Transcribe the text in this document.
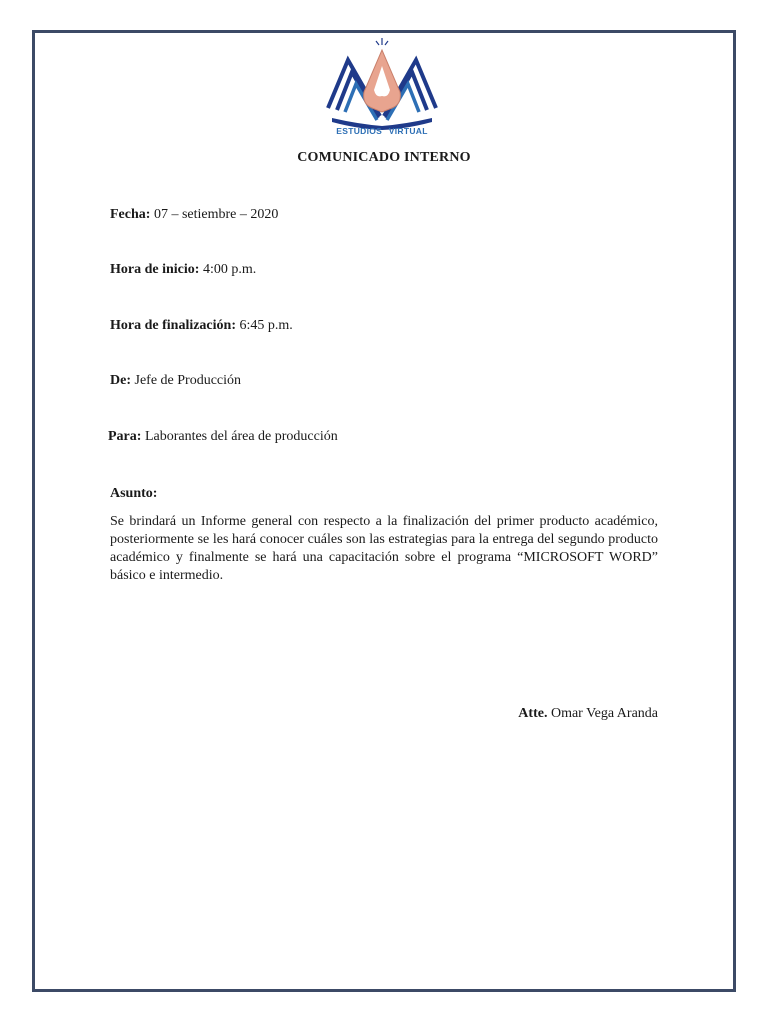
ESTUDIOS VIRTUAL
COMUNICADO INTERNO
Fecha: 07 – setiembre – 2020
Hora de inicio: 4:00 p.m.
Hora de finalización: 6:45 p.m.
De: Jefe de Producción
Para: Laborantes del área de producción
Asunto:
Se brindará un Informe general con respecto a la finalización del primer producto académico, posteriormente se les hará conocer cuáles son las estrategias para la entrega del segundo producto académico y finalmente se hará una capacitación sobre el programa “MICROSOFT WORD” básico e intermedio.
Atte. Omar Vega Aranda
